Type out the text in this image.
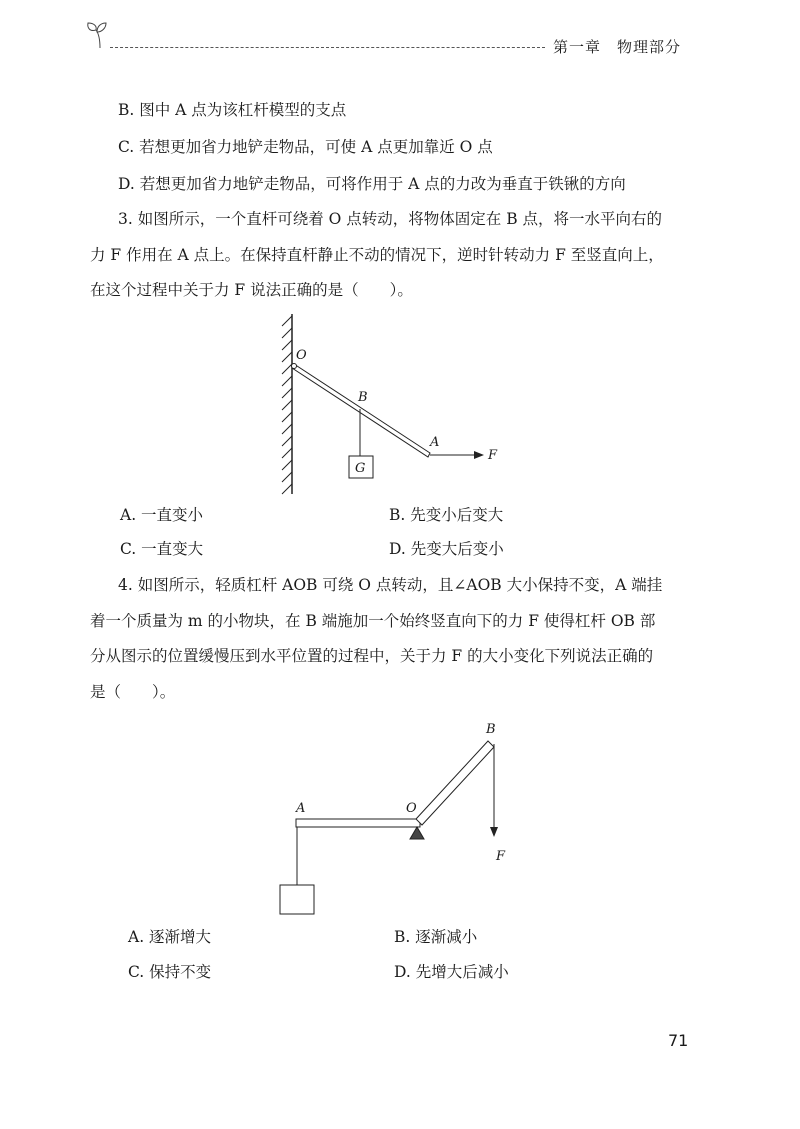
第一章　物理部分
B. 图中 A 点为该杠杆模型的支点
C. 若想更加省力地铲走物品，可使 A 点更加靠近 O 点
D. 若想更加省力地铲走物品，可将作用于 A 点的力改为垂直于铁锹的方向
3. 如图所示，一个直杆可绕着 O 点转动，将物体固定在 B 点，将一水平向右的
力 F 作用在 A 点上。在保持直杆静止不动的情况下，逆时针转动力 F 至竖直向上，
在这个过程中关于力 F 说法正确的是（　　）。
G
O
B
A
F
A. 一直变小	B. 先变小后变大
C. 一直变大	D. 先变大后变小
4. 如图所示，轻质杠杆 AOB 可绕 O 点转动，且∠AOB 大小保持不变，A 端挂
着一个质量为 m 的小物块，在 B 端施加一个始终竖直向下的力 F 使得杠杆 OB 部
分从图示的位置缓慢压到水平位置的过程中，关于力 F 的大小变化下列说法正确的
是（　　）。
A	O
B
F
A. 逐渐增大	B. 逐渐减小
C. 保持不变	D. 先增大后减小
71
